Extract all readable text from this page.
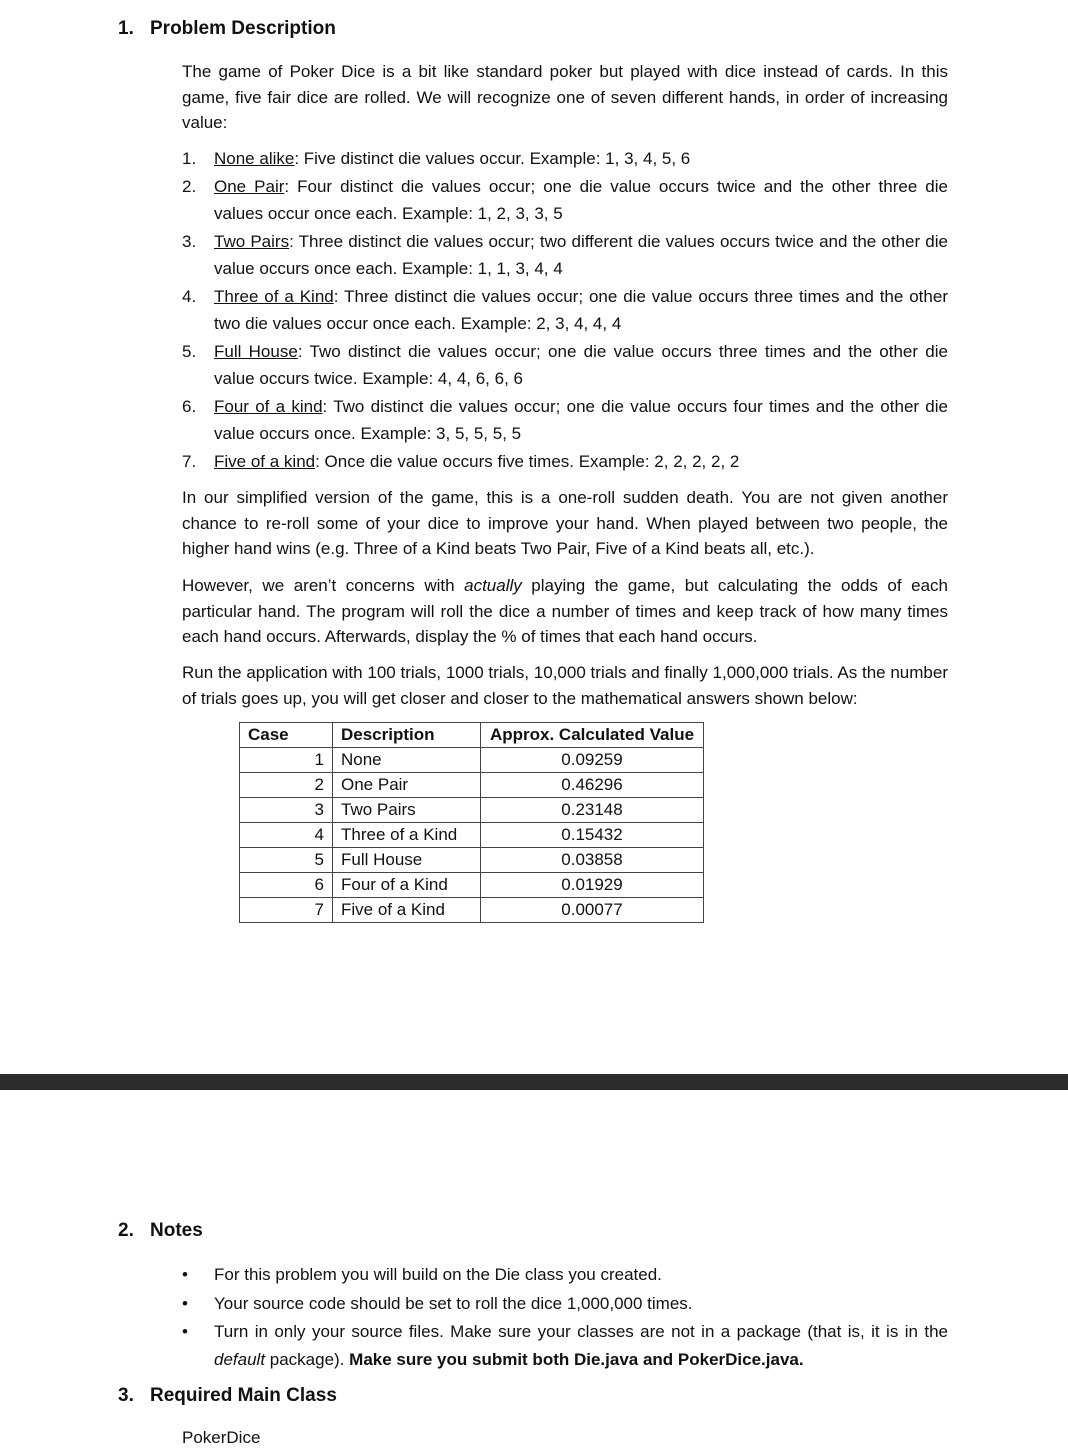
1. Problem Description

The game of Poker Dice is a bit like standard poker but played with dice instead of cards. In this game, five fair dice are rolled. We will recognize one of seven different hands, in order of increasing value:

1. None alike: Five distinct die values occur. Example: 1, 3, 4, 5, 6
2. One Pair: Four distinct die values occur; one die value occurs twice and the other three die values occur once each. Example: 1, 2, 3, 3, 5
3. Two Pairs: Three distinct die values occur; two different die values occurs twice and the other die value occurs once each. Example: 1, 1, 3, 4, 4
4. Three of a Kind: Three distinct die values occur; one die value occurs three times and the other two die values occur once each. Example: 2, 3, 4, 4, 4
5. Full House: Two distinct die values occur; one die value occurs three times and the other die value occurs twice. Example: 4, 4, 6, 6, 6
6. Four of a kind: Two distinct die values occur; one die value occurs four times and the other die value occurs once. Example: 3, 5, 5, 5, 5
7. Five of a kind: Once die value occurs five times. Example: 2, 2, 2, 2, 2

In our simplified version of the game, this is a one-roll sudden death. You are not given another chance to re-roll some of your dice to improve your hand. When played between two people, the higher hand wins (e.g. Three of a Kind beats Two Pair, Five of a Kind beats all, etc.).

However, we aren’t concerns with actually playing the game, but calculating the odds of each particular hand. The program will roll the dice a number of times and keep track of how many times each hand occurs. Afterwards, display the % of times that each hand occurs.

Run the application with 100 trials, 1000 trials, 10,000 trials and finally 1,000,000 trials. As the number of trials goes up, you will get closer and closer to the mathematical answers shown below:

Case	Description	Approx. Calculated Value
1	None	0.09259
2	One Pair	0.46296
3	Two Pairs	0.23148
4	Three of a Kind	0.15432
5	Full House	0.03858
6	Four of a Kind	0.01929
7	Five of a Kind	0.00077
2. Notes
• For this problem you will build on the Die class you created.
• Your source code should be set to roll the dice 1,000,000 times.
• Turn in only your source files. Make sure your classes are not in a package (that is, it is in the default package). Make sure you submit both Die.java and PokerDice.java.
3. Required Main Class
PokerDice
